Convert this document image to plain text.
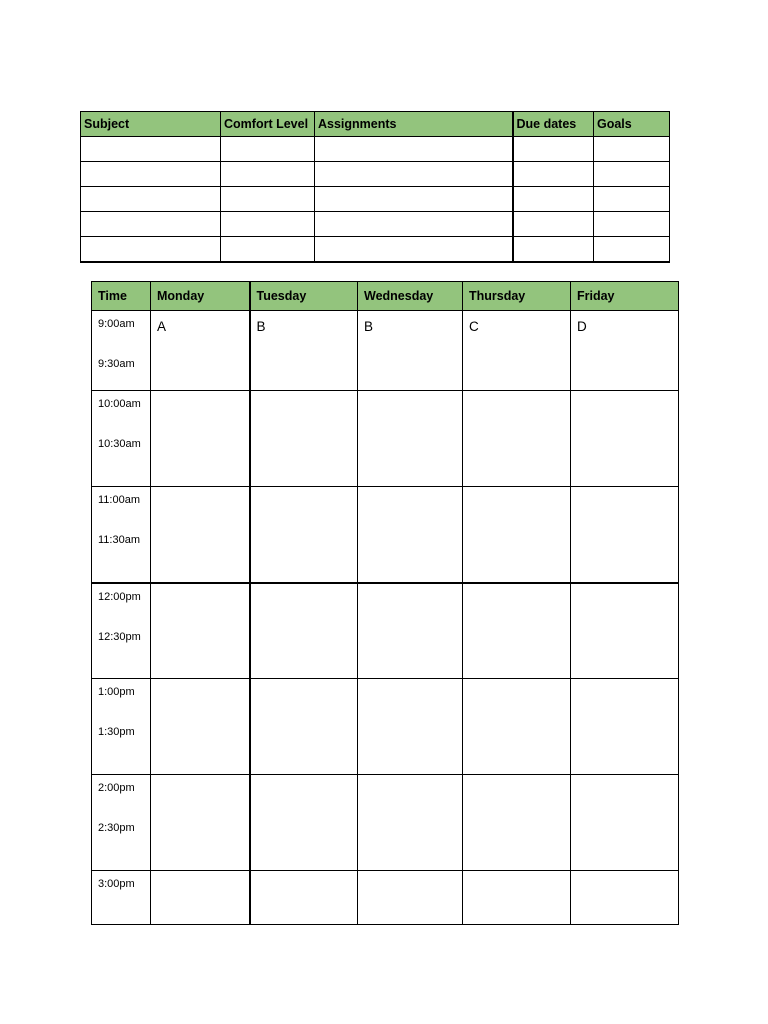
Subject	Comfort Level	Assignments	Due dates	Goals

Time	Monday	Tuesday	Wednesday	Thursday	Friday

9:00am
9:30am	A	B	B	C	D

10:00am
10:30am					

11:00am
11:30am					

12:00pm
12:30pm					

1:00pm
1:30pm					

2:00pm
2:30pm					

3:00pm					
